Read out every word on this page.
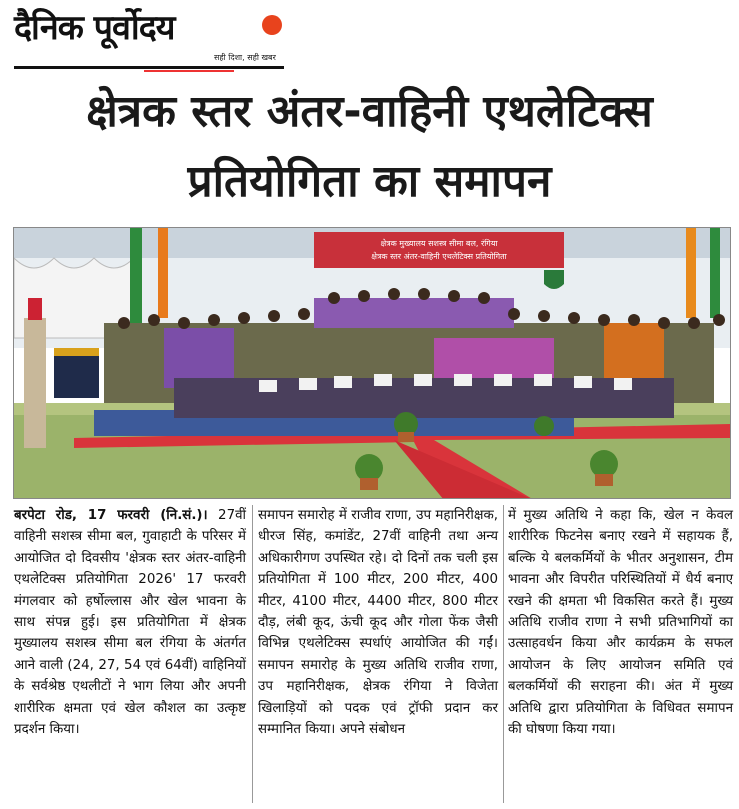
दैनिक पूर्वोदय
सही दिशा, सही खबर
क्षेत्रक स्तर अंतर-वाहिनी एथलेटिक्स
प्रतियोगिता का समापन
क्षेत्रक मुख्यालय सशस्त्र सीमा बल, रंगिया
क्षेत्रक स्तर अंतर-वाहिनी एथलेटिक्स प्रतियोगिता
बरपेटा रोड, 17 फरवरी (नि.सं.)। 27वीं वाहिनी सशस्त्र सीमा बल, गुवाहाटी के परिसर में आयोजित दो दिवसीय 'क्षेत्रक स्तर अंतर-वाहिनी एथलेटिक्स प्रतियोगिता 2026' 17 फरवरी मंगलवार को हर्षोल्लास और खेल भावना के साथ संपन्न हुई। इस प्रतियोगिता में क्षेत्रक मुख्यालय सशस्त्र सीमा बल रंगिया के अंतर्गत आने वाली (24, 27, 54 एवं 64वीं) वाहिनियों के सर्वश्रेष्ठ एथलीटों ने भाग लिया और अपनी शारीरिक क्षमता एवं खेल कौशल का उत्कृष्ट प्रदर्शन किया।
समापन समारोह में राजीव राणा, उप महानिरीक्षक, धीरज सिंह, कमांडेंट, 27वीं वाहिनी तथा अन्य अधिकारीगण उपस्थित रहे। दो दिनों तक चली इस प्रतियोगिता में 100 मीटर, 200 मीटर, 400 मीटर, 4100 मीटर, 4400 मीटर, 800 मीटर दौड़, लंबी कूद, ऊंची कूद और गोला फेंक जैसी विभिन्न एथलेटिक्स स्पर्धाएं आयोजित की गईं। समापन समारोह के मुख्य अतिथि राजीव राणा, उप महानिरीक्षक, क्षेत्रक रंगिया ने विजेता खिलाड़ियों को पदक एवं ट्रॉफी प्रदान कर सम्मानित किया। अपने संबोधन
में मुख्य अतिथि ने कहा कि, खेल न केवल शारीरिक फिटनेस बनाए रखने में सहायक हैं, बल्कि ये बलकर्मियों के भीतर अनुशासन, टीम भावना और विपरीत परिस्थितियों में धैर्य बनाए रखने की क्षमता भी विकसित करते हैं। मुख्य अतिथि राजीव राणा ने सभी प्रतिभागियों का उत्साहवर्धन किया और कार्यक्रम के सफल आयोजन के लिए आयोजन समिति एवं बलकर्मियों की सराहना की। अंत में मुख्य अतिथि द्वारा प्रतियोगिता के विधिवत समापन की घोषणा किया गया।
